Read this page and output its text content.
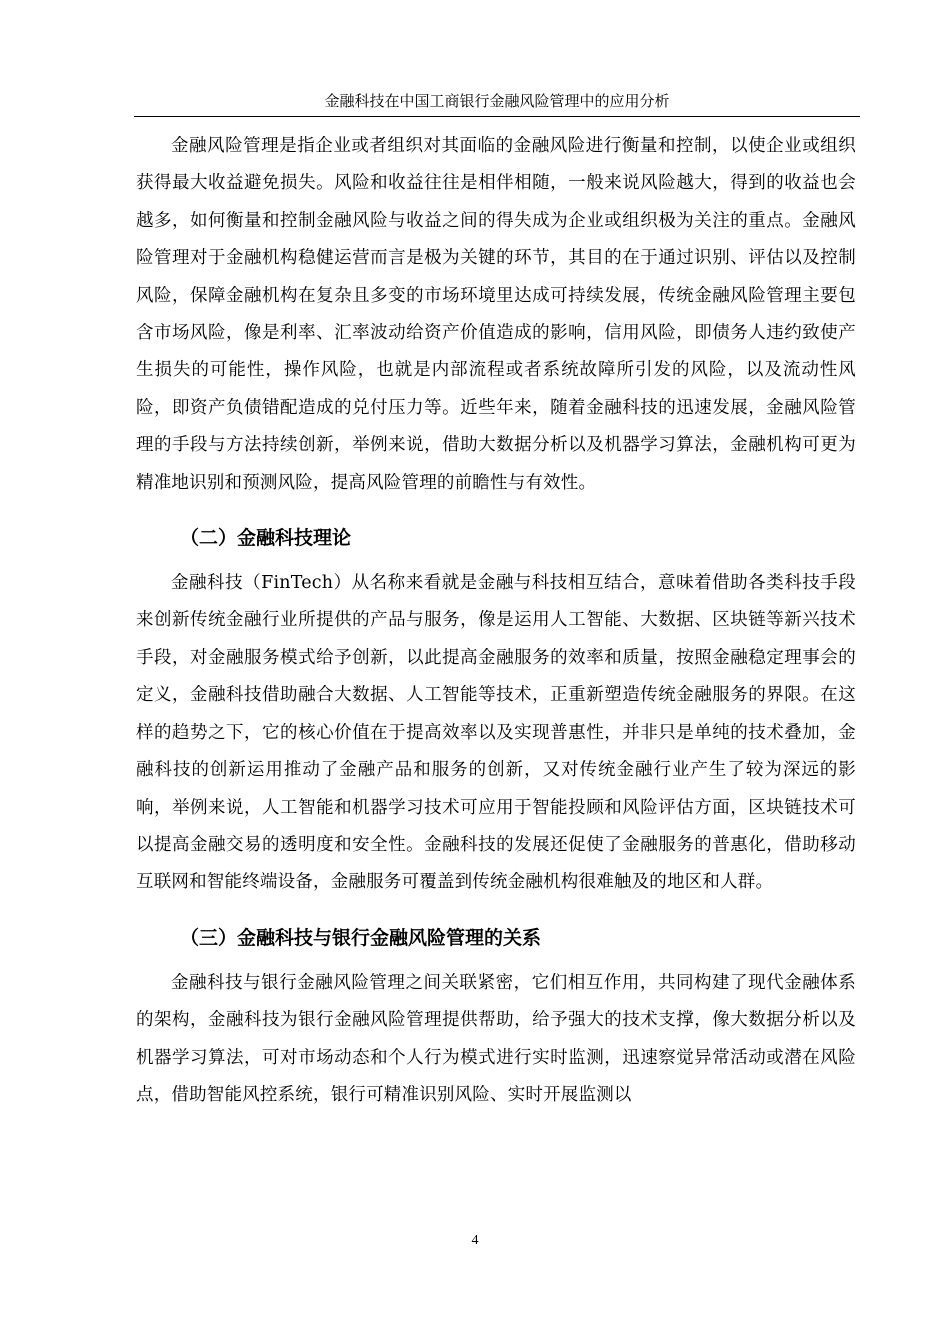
金融科技在中国工商银行金融风险管理中的应用分析

金融风险管理是指企业或者组织对其面临的金融风险进行衡量和控制，以使企业或组织获得最大收益避免损失。风险和收益往往是相伴相随，一般来说风险越大，得到的收益也会越多，如何衡量和控制金融风险与收益之间的得失成为企业或组织极为关注的重点。金融风险管理对于金融机构稳健运营而言是极为关键的环节，其目的在于通过识别、评估以及控制风险，保障金融机构在复杂且多变的市场环境里达成可持续发展，传统金融风险管理主要包含市场风险，像是利率、汇率波动给资产价值造成的影响，信用风险，即债务人违约致使产生损失的可能性，操作风险，也就是内部流程或者系统故障所引发的风险，以及流动性风险，即资产负债错配造成的兑付压力等。近些年来，随着金融科技的迅速发展，金融风险管理的手段与方法持续创新，举例来说，借助大数据分析以及机器学习算法，金融机构可更为精准地识别和预测风险，提高风险管理的前瞻性与有效性。

（二）金融科技理论

金融科技（FinTech）从名称来看就是金融与科技相互结合，意味着借助各类科技手段来创新传统金融行业所提供的产品与服务，像是运用人工智能、大数据、区块链等新兴技术手段，对金融服务模式给予创新，以此提高金融服务的效率和质量，按照金融稳定理事会的定义，金融科技借助融合大数据、人工智能等技术，正重新塑造传统金融服务的界限。在这样的趋势之下，它的核心价值在于提高效率以及实现普惠性，并非只是单纯的技术叠加，金融科技的创新运用推动了金融产品和服务的创新，又对传统金融行业产生了较为深远的影响，举例来说，人工智能和机器学习技术可应用于智能投顾和风险评估方面，区块链技术可以提高金融交易的透明度和安全性。金融科技的发展还促使了金融服务的普惠化，借助移动互联网和智能终端设备，金融服务可覆盖到传统金融机构很难触及的地区和人群。

（三）金融科技与银行金融风险管理的关系

金融科技与银行金融风险管理之间关联紧密，它们相互作用，共同构建了现代金融体系的架构，金融科技为银行金融风险管理提供帮助，给予强大的技术支撑，像大数据分析以及机器学习算法，可对市场动态和个人行为模式进行实时监测，迅速察觉异常活动或潜在风险点，借助智能风控系统，银行可精准识别风险、实时开展监测以

4
